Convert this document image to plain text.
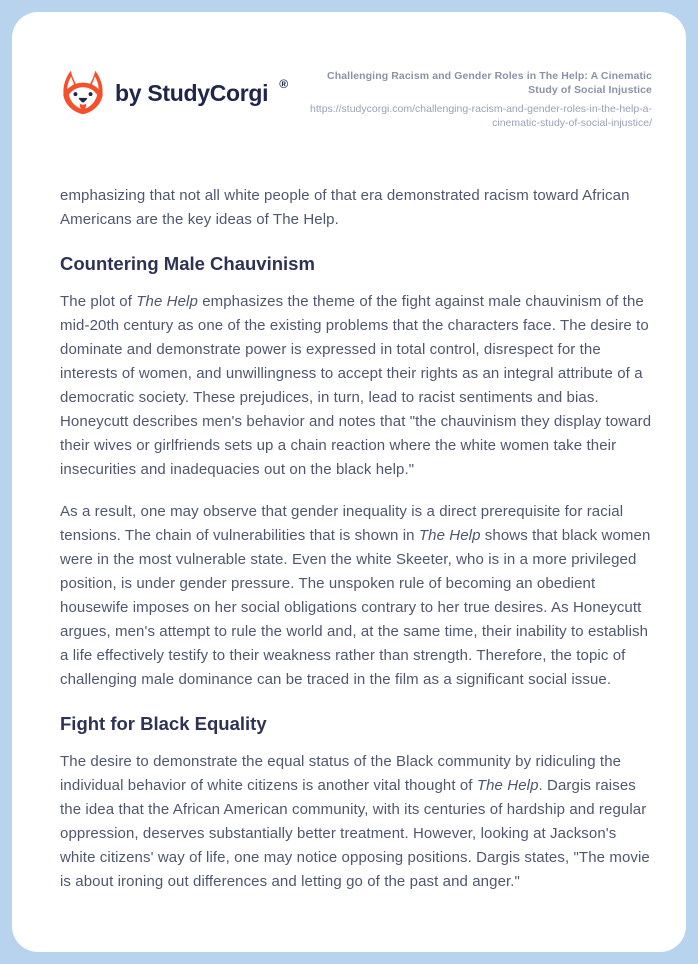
by StudyCorgi ®
Challenging Racism and Gender Roles in The Help: A Cinematic Study of Social Injustice
https://studycorgi.com/challenging-racism-and-gender-roles-in-the-help-a-cinematic-study-of-social-injustice/

emphasizing that not all white people of that era demonstrated racism toward African Americans are the key ideas of The Help.

Countering Male Chauvinism

The plot of The Help emphasizes the theme of the fight against male chauvinism of the mid-20th century as one of the existing problems that the characters face. The desire to dominate and demonstrate power is expressed in total control, disrespect for the interests of women, and unwillingness to accept their rights as an integral attribute of a democratic society. These prejudices, in turn, lead to racist sentiments and bias. Honeycutt describes men's behavior and notes that "the chauvinism they display toward their wives or girlfriends sets up a chain reaction where the white women take their insecurities and inadequacies out on the black help."

As a result, one may observe that gender inequality is a direct prerequisite for racial tensions. The chain of vulnerabilities that is shown in The Help shows that black women were in the most vulnerable state. Even the white Skeeter, who is in a more privileged position, is under gender pressure. The unspoken rule of becoming an obedient housewife imposes on her social obligations contrary to her true desires. As Honeycutt argues, men's attempt to rule the world and, at the same time, their inability to establish a life effectively testify to their weakness rather than strength. Therefore, the topic of challenging male dominance can be traced in the film as a significant social issue.

Fight for Black Equality

The desire to demonstrate the equal status of the Black community by ridiculing the individual behavior of white citizens is another vital thought of The Help. Dargis raises the idea that the African American community, with its centuries of hardship and regular oppression, deserves substantially better treatment. However, looking at Jackson's white citizens' way of life, one may notice opposing positions. Dargis states, "The movie is about ironing out differences and letting go of the past and anger."
